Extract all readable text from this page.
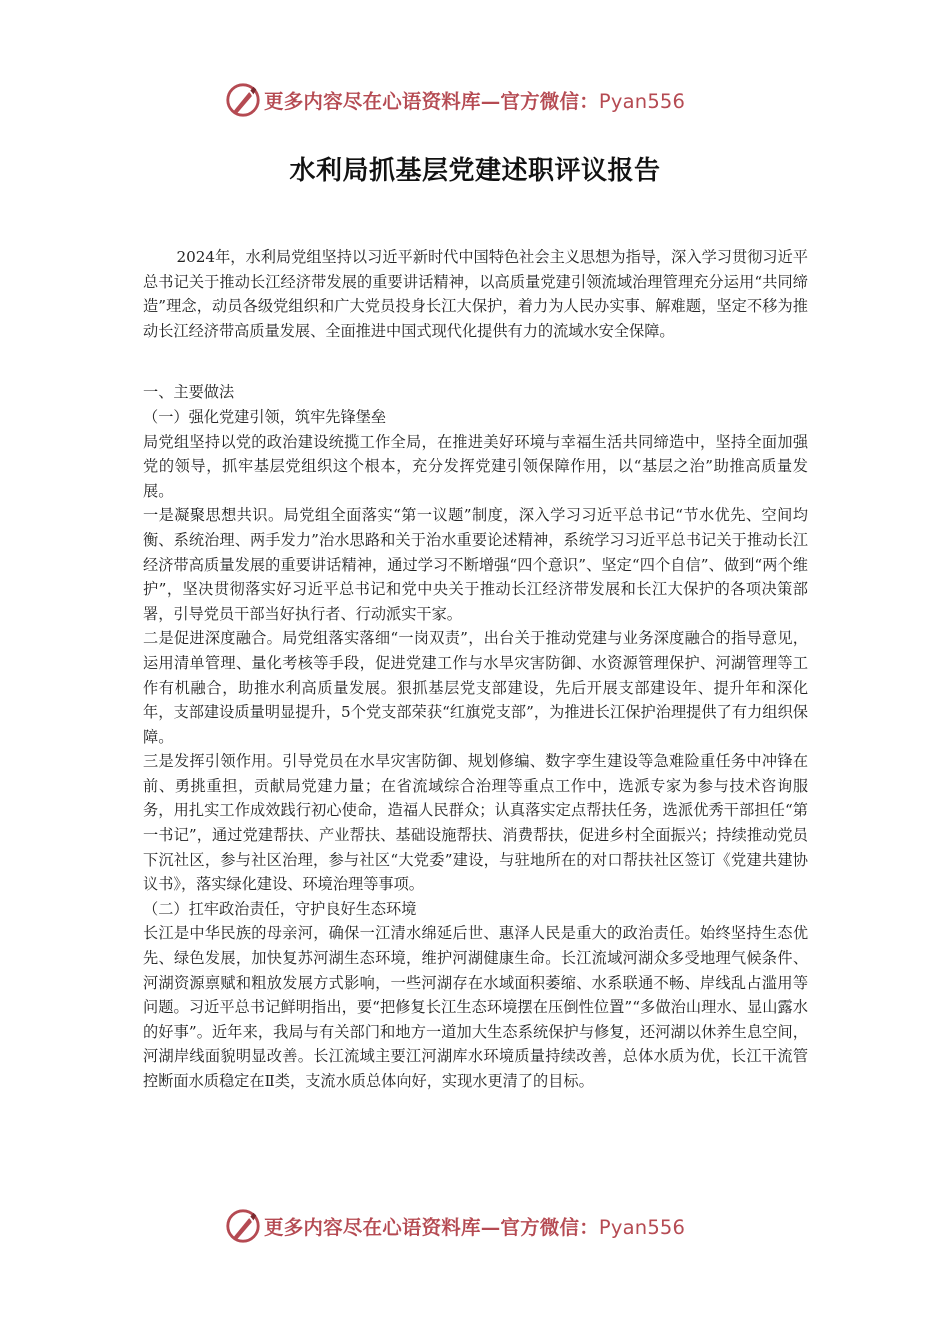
更多内容尽在心语资料库—官方微信：Pyan556
水利局抓基层党建述职评议报告

2024年，水利局党组坚持以习近平新时代中国特色社会主义思想为指导，深入学习贯彻习近平总书记关于推动长江经济带发展的重要讲话精神，以高质量党建引领流域治理管理充分运用“共同缔造”理念，动员各级党组织和广大党员投身长江大保护，着力为人民办实事、解难题，坚定不移为推动长江经济带高质量发展、全面推进中国式现代化提供有力的流域水安全保障。

一、主要做法

（一）强化党建引领，筑牢先锋堡垒

局党组坚持以党的政治建设统揽工作全局，在推进美好环境与幸福生活共同缔造中，坚持全面加强党的领导，抓牢基层党组织这个根本，充分发挥党建引领保障作用，以“基层之治”助推高质量发展。

一是凝聚思想共识。局党组全面落实“第一议题”制度，深入学习习近平总书记“节水优先、空间均衡、系统治理、两手发力”治水思路和关于治水重要论述精神，系统学习习近平总书记关于推动长江经济带高质量发展的重要讲话精神，通过学习不断增强“四个意识”、坚定“四个自信”、做到“两个维护”，坚决贯彻落实好习近平总书记和党中央关于推动长江经济带发展和长江大保护的各项决策部署，引导党员干部当好执行者、行动派实干家。

二是促进深度融合。局党组落实落细“一岗双责”，出台关于推动党建与业务深度融合的指导意见，运用清单管理、量化考核等手段，促进党建工作与水旱灾害防御、水资源管理保护、河湖管理等工作有机融合，助推水利高质量发展。狠抓基层党支部建设，先后开展支部建设年、提升年和深化年，支部建设质量明显提升，5个党支部荣获“红旗党支部”，为推进长江保护治理提供了有力组织保障。

三是发挥引领作用。引导党员在水旱灾害防御、规划修编、数字孪生建设等急难险重任务中冲锋在前、勇挑重担，贡献局党建力量；在省流域综合治理等重点工作中，选派专家为参与技术咨询服务，用扎实工作成效践行初心使命，造福人民群众；认真落实定点帮扶任务，选派优秀干部担任“第一书记”，通过党建帮扶、产业帮扶、基础设施帮扶、消费帮扶，促进乡村全面振兴；持续推动党员下沉社区，参与社区治理，参与社区“大党委”建设，与驻地所在的对口帮扶社区签订《党建共建协议书》，落实绿化建设、环境治理等事项。

（二）扛牢政治责任，守护良好生态环境

长江是中华民族的母亲河，确保一江清水绵延后世、惠泽人民是重大的政治责任。始终坚持生态优先、绿色发展，加快复苏河湖生态环境，维护河湖健康生命。长江流域河湖众多受地理气候条件、河湖资源禀赋和粗放发展方式影响，一些河湖存在水域面积萎缩、水系联通不畅、岸线乱占滥用等问题。习近平总书记鲜明指出，要“把修复长江生态环境摆在压倒性位置”“多做治山理水、显山露水的好事”。近年来，我局与有关部门和地方一道加大生态系统保护与修复，还河湖以休养生息空间，河湖岸线面貌明显改善。长江流域主要江河湖库水环境质量持续改善，总体水质为优，长江干流管控断面水质稳定在Ⅱ类，支流水质总体向好，实现水更清了的目标。

更多内容尽在心语资料库—官方微信：Pyan556
